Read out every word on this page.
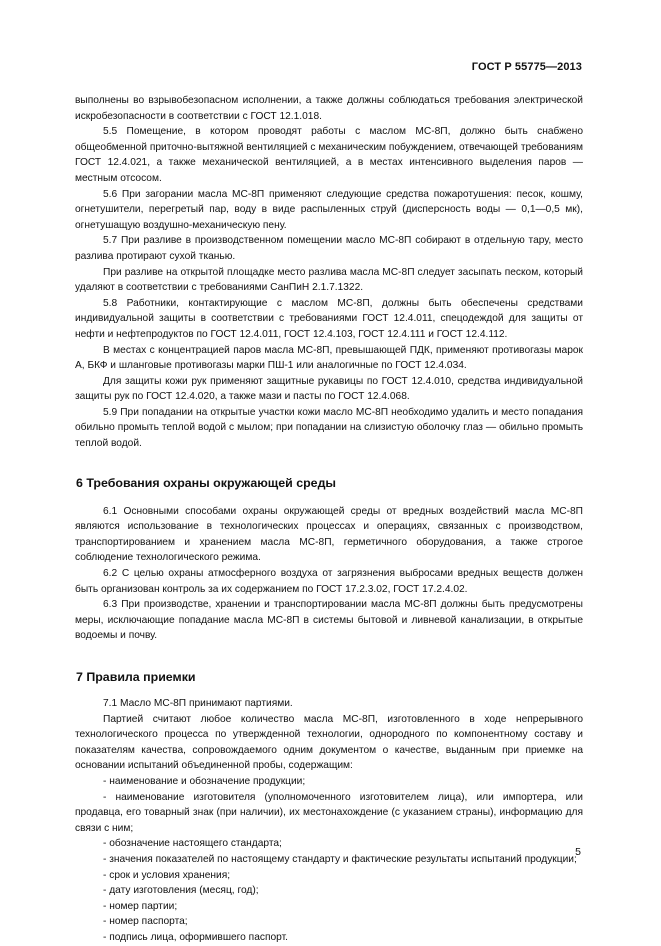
ГОСТ Р 55775—2013

выполнены во взрывобезопасном исполнении, а также должны соблюдаться требования электрической искробезопасности в соответствии с ГОСТ 12.1.018.

5.5 Помещение, в котором проводят работы с маслом МС-8П, должно быть снабжено общеобменной приточно-вытяжной вентиляцией с механическим побуждением, отвечающей требованиям ГОСТ 12.4.021, а также механической вентиляцией, а в местах интенсивного выделения паров — местным отсосом.

5.6 При загорании масла МС-8П применяют следующие средства пожаротушения: песок, кошму, огнетушители, перегретый пар, воду в виде распыленных струй (дисперсность воды — 0,1—0,5 мк), огнетушащую воздушно-механическую пену.

5.7 При разливе в производственном помещении масло МС-8П собирают в отдельную тару, место разлива протирают сухой тканью.

При разливе на открытой площадке место разлива масла МС-8П следует засыпать песком, который удаляют в соответствии с требованиями СанПиН 2.1.7.1322.

5.8 Работники, контактирующие с маслом МС-8П, должны быть обеспечены средствами индивидуальной защиты в соответствии с требованиями ГОСТ 12.4.011, спецодеждой для защиты от нефти и нефтепродуктов по ГОСТ 12.4.011, ГОСТ 12.4.103, ГОСТ 12.4.111 и ГОСТ 12.4.112.

В местах с концентрацией паров масла МС-8П, превышающей ПДК, применяют противогазы марок А, БКФ и шланговые противогазы марки ПШ-1 или аналогичные по ГОСТ 12.4.034.

Для защиты кожи рук применяют защитные рукавицы по ГОСТ 12.4.010, средства индивидуальной защиты рук по ГОСТ 12.4.020, а также мази и пасты по ГОСТ 12.4.068.

5.9 При попадании на открытые участки кожи масло МС-8П необходимо удалить и место попадания обильно промыть теплой водой с мылом; при попадании на слизистую оболочку глаз — обильно промыть теплой водой.

6 Требования охраны окружающей среды

6.1 Основными способами охраны окружающей среды от вредных воздействий масла МС-8П являются использование в технологических процессах и операциях, связанных с производством, транспортированием и хранением масла МС-8П, герметичного оборудования, а также строгое соблюдение технологического режима.

6.2 С целью охраны атмосферного воздуха от загрязнения выбросами вредных веществ должен быть организован контроль за их содержанием по ГОСТ 17.2.3.02, ГОСТ 17.2.4.02.

6.3 При производстве, хранении и транспортировании масла МС-8П должны быть предусмотрены меры, исключающие попадание масла МС-8П в системы бытовой и ливневой канализации, в открытые водоемы и почву.

7 Правила приемки

7.1 Масло МС-8П принимают партиями.

Партией считают любое количество масла МС-8П, изготовленного в ходе непрерывного технологического процесса по утвержденной технологии, однородного по компонентному составу и показателям качества, сопровождаемого одним документом о качестве, выданным при приемке на основании испытаний объединенной пробы, содержащим:

- наименование и обозначение продукции;

- наименование изготовителя (уполномоченного изготовителем лица), или импортера, или продавца, его товарный знак (при наличии), их местонахождение (с указанием страны), информацию для связи с ним;

- обозначение настоящего стандарта;

- значения показателей по настоящему стандарту и фактические результаты испытаний продукции;

- срок и условия хранения;

- дату изготовления (месяц, год);

- номер партии;

- номер паспорта;

- подпись лица, оформившего паспорт.

5
